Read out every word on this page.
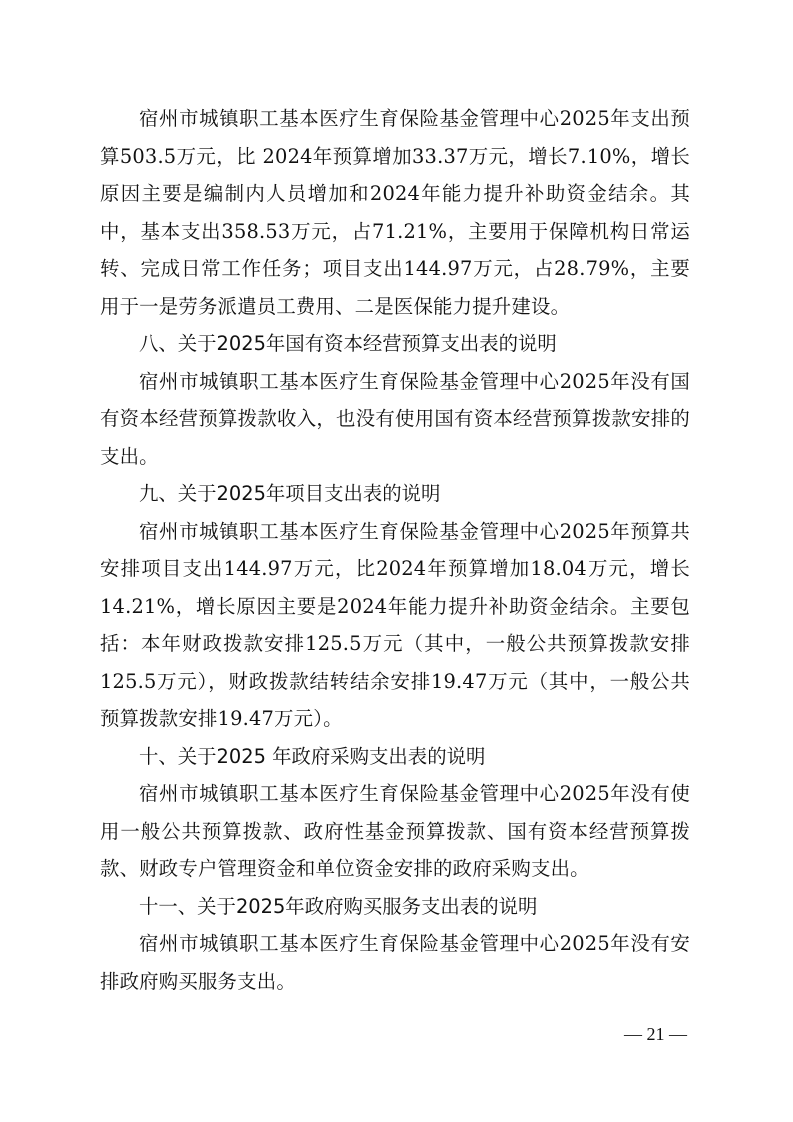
宿州市城镇职工基本医疗生育保险基金管理中心2025年支出预算503.5万元，比 2024年预算增加33.37万元，增长7.10%，增长原因主要是编制内人员增加和2024年能力提升补助资金结余。其中，基本支出358.53万元，占71.21%，主要用于保障机构日常运转、完成日常工作任务；项目支出144.97万元，占28.79%，主要用于一是劳务派遣员工费用、二是医保能力提升建设。

八、关于2025年国有资本经营预算支出表的说明

宿州市城镇职工基本医疗生育保险基金管理中心2025年没有国有资本经营预算拨款收入，也没有使用国有资本经营预算拨款安排的支出。

九、关于2025年项目支出表的说明

宿州市城镇职工基本医疗生育保险基金管理中心2025年预算共安排项目支出144.97万元，比2024年预算增加18.04万元，增长14.21%，增长原因主要是2024年能力提升补助资金结余。主要包括：本年财政拨款安排125.5万元（其中，一般公共预算拨款安排125.5万元），财政拨款结转结余安排19.47万元（其中，一般公共预算拨款安排19.47万元）。

十、关于2025 年政府采购支出表的说明

宿州市城镇职工基本医疗生育保险基金管理中心2025年没有使用一般公共预算拨款、政府性基金预算拨款、国有资本经营预算拨款、财政专户管理资金和单位资金安排的政府采购支出。

十一、关于2025年政府购买服务支出表的说明

宿州市城镇职工基本医疗生育保险基金管理中心2025年没有安排政府购买服务支出。

— 21 —
